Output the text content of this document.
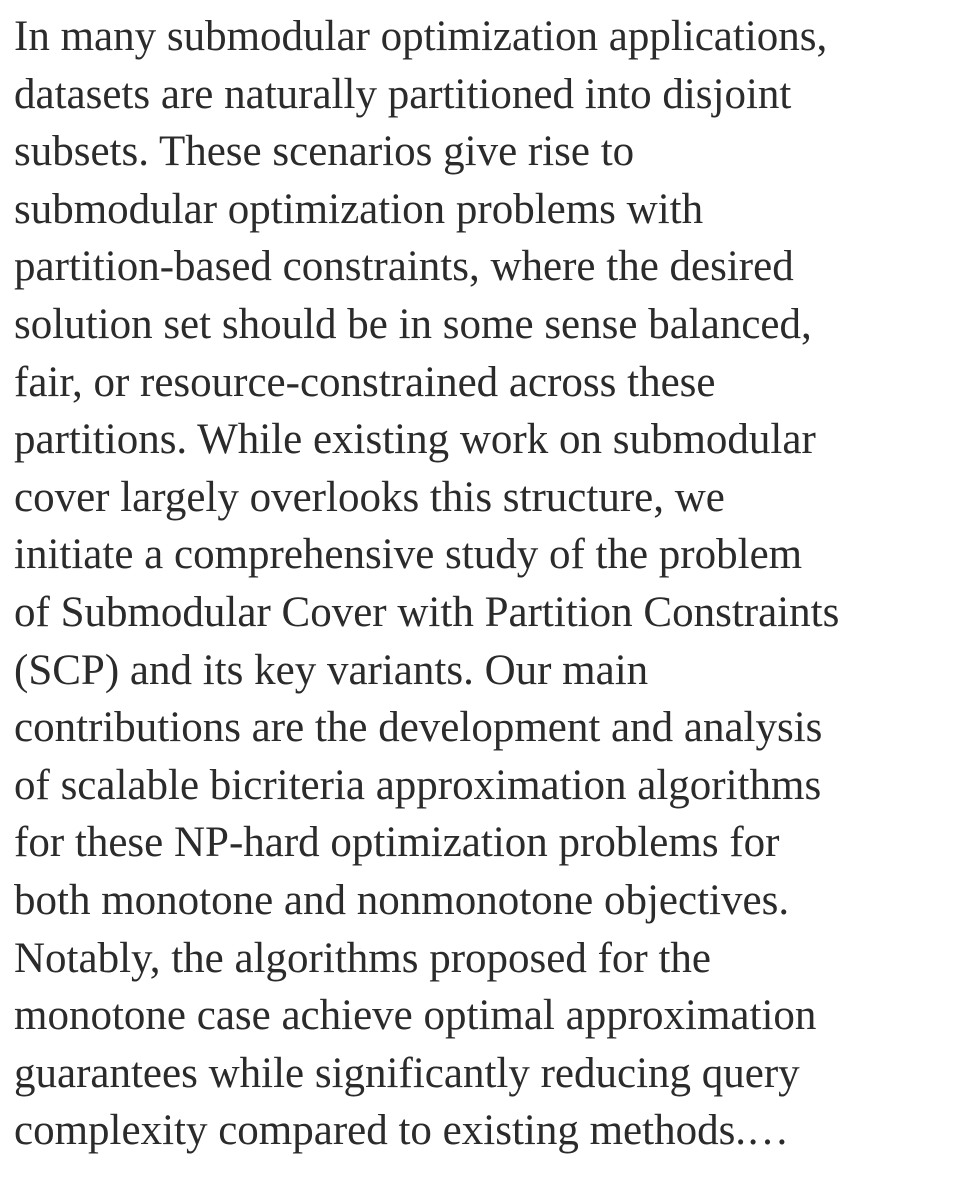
In many submodular optimization applications,
datasets are naturally partitioned into disjoint
subsets. These scenarios give rise to
submodular optimization problems with
partition-based constraints, where the desired
solution set should be in some sense balanced,
fair, or resource-constrained across these
partitions. While existing work on submodular
cover largely overlooks this structure, we
initiate a comprehensive study of the problem
of Submodular Cover with Partition Constraints
(SCP) and its key variants. Our main
contributions are the development and analysis
of scalable bicriteria approximation algorithms
for these NP-hard optimization problems for
both monotone and nonmonotone objectives.
Notably, the algorithms proposed for the
monotone case achieve optimal approximation
guarantees while significantly reducing query
complexity compared to existing methods.…
